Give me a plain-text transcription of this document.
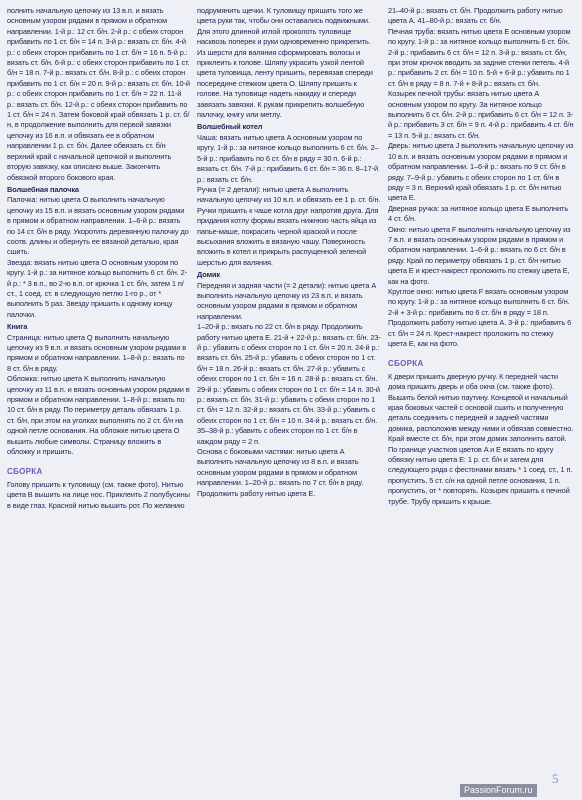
полнить начальную цепочку из 13 в.п. и вязать основным узором рядами в прямом и обратном направлении. 1-й р.: 12 ст. б/н. 2-й р.: с обеих сторон прибавить по 1 ст. б/н = 14 п. 3-й р.: вязать ст. б/н. 4-й р.: с обеих сторон прибавить по 1 ст. б/н = 16 п. 5-й р.: вязать ст. б/н. 6-й р.: с обеих сторон прибавить по 1 ст. б/н = 18 п. 7-й р.: вязать ст. б/н. 8-й р.: с обеих сторон прибавить по 1 ст. б/н = 20 п. 9-й р.: вязать ст. б/н. 10-й р.: с обеих сторон прибавить по 1 ст. б/н = 22 п. 11-й р.: вязать ст. б/н. 12-й р.: с обеих сторон прибавить по 1 ст. б/н = 24 п. Затем боковой край обвязать 1 р. ст. б/н, в продолжение выполнить для первой завязки цепочку из 16 в.п. и обвязать ее в обратном направлении 1 р. ст. б/н. Далее обвязать ст. б/н верхний край с начальной цепочкой и выполнить вторую завязку, как описано выше. Закончить обвязкой второго бокового края.

Волшебная палочка

Палочка: нитью цвета O выполнить начальную цепочку из 15 в.п. и вязать основным узором рядами в прямом и обратном направлении. 1–6-й р.: вязать по 14 ст. б/н в ряду. Укоротить деревянную палочку до соотв. длины и обернуть ее вязаной деталью, края сшить.

Звезда: вязать нитью цвета O основным узором по кругу. 1-й р.: за нитяное кольцо выполнить 6 ст. б/н. 2-й р.: * 3 в.п., во 2-ю в.п. от крючка 1 ст. б/н, затем 1 п/ст., 1 соед. ст. в следующую петлю 1-го р., от * выполнить 5 раз. Звезду пришить к одному концу палочки.

Книга

Страница: нитью цвета Q выполнить начальную цепочку из 9 в.п. и вязать основным узором рядами в прямом и обратном направлении. 1–8-й р.: вязать по 8 ст. б/н в ряду.

Обложка: нитью цвета K выполнить начальную цепочку из 11 в.п. и вязать основным узором рядами в прямом и обратном направлении. 1–8-й р.: вязать по 10 ст. б/н в ряду. По периметру деталь обвязать 1 р. ст. б/н, при этом на уголках выполнять по 2 ст. б/н на одной петле основания. На обложке нитью цвета O вышить любые символы. Страницу вложить в обложку и пришить.

СБОРКА

Голову пришить к туловищу (см. также фото). Нитью цвета B вышить на лице нос. Приклеить 2 полубусины в виде глаз. Красной нитью вышить рот. По желанию

подрумянить щечки. К туловищу пришить того же цвета руки так, чтобы они оставались подвижными. Для этого длинной иглой проколоть туловище насквозь поперек и руки одновременно прикрепить. Из шерсти для валяния сформировать волосы и приклеить к голове. Шляпу украсить узкой лентой цвета туловища, ленту пришить, перевязав спереди посередине стежком цвета O. Шляпу пришить к голове. На туловище надеть накидку и спереди завязать завязки. К рукам прикрепить волшебную палочку, книгу или метлу.

Волшебный котел

Чаша: вязать нитью цвета A основным узором по кругу. 1-й р.: за нитяное кольцо выполнить 6 ст. б/н. 2–5-й р.: прибавить по 6 ст. б/н в ряду = 30 п. 6-й р.: вязать ст. б/н. 7-й р.: прибавить 6 ст. б/н = 36 п. 8–17-й р.: вязать ст. б/н.

Ручка (= 2 детали): нитью цвета A выполнить начальную цепочку из 10 в.п. и обвязать ее 1 р. ст. б/н.

Ручки пришить к чаше котла друг напротив друга. Для придания котлу формы вязать нижнюю часть яйца из папье-маше, покрасить черной краской и после высыхания вложить в вязаную чашу. Поверхность вложить в котел и прикрыть распущенной зеленой шерстью для валяния.

Домик

Передняя и задняя части (= 2 детали): нитью цвета A выполнить начальную цепочку из 23 в.п. и вязать основным узором рядами в прямом и обратном направлении.

1–20-й р.: вязать по 22 ст. б/н в ряду. Продолжить работу нитью цвета E. 21-й + 22-й р.: вязать ст. б/н. 23-й р.: убавить с обеих сторон по 1 ст. б/н = 20 п. 24-й р.: вязать ст. б/н. 25-й р.: убавить с обеих сторон по 1 ст. б/н = 18 п. 26-й р.: вязать ст. б/н. 27-й р.: убавить с обеих сторон по 1 ст. б/н = 16 п. 28-й р.: вязать ст. б/н. 29-й р.: убавить с обеих сторон по 1 ст. б/н = 14 п. 30-й р.: вязать ст. б/н. 31-й р.: убавить с обеих сторон по 1 ст. б/н = 12 п. 32-й р.: вязать ст. б/н. 33-й р.: убавить с обеих сторон по 1 ст. б/н = 10 п. 34-й р.: вязать ст. б/н. 35–38-й р.: убавить с обеих сторон по 1 ст. б/н в каждом ряду = 2 п.

Основа с боковыми частями: нитью цвета A выполнить начальную цепочку из 8 в.п. и вязать основным узором рядами в прямом и обратном направлении. 1–20-й р.: вязать по 7 ст. б/н в ряду. Продолжить работу нитью цвета E.

21–40-й р.: вязать ст. б/н. Продолжить работу нитью цвета A. 41–80-й р.: вязать ст. б/н.

Печная труба: вязать нитью цвета E основным узором по кругу. 1-й р.: за нитяное кольцо выполнить 6 ст. б/н. 2-й р.: прибавить 6 ст. б/н = 12 п. 3-й р.: вязать ст. б/н, при этом крючок вводить за задние стенки петель. 4-й р.: прибавить 2 ст. б/н = 10 п. 5-й + 6-й р.: убавить по 1 ст. б/н в ряду = 8 п. 7-й + 8-й р.: вязать ст. б/н.

Козырек печной трубы: вязать нитью цвета A основным узором по кругу. За нитяное кольцо выполнить 6 ст. б/н. 2-й р.: прибавить 6 ст. б/н = 12 п. 3-й р.: прибавить 3 ст. б/н = 9 п. 4-й р.: прибавить 4 ст. б/н = 13 п. 5-й р.: вязать ст. б/н.

Дверь: нитью цвета J выполнить начальную цепочку из 10 в.п. и вязать основным узором рядами в прямом и обратном направлении. 1–6-й р.: вязать по 9 ст. б/н в ряду. 7–9-й р.: убавить с обеих сторон по 1 ст. б/н в ряду = 3 п. Верхний край обвязать 1 р. ст. б/н нитью цвета E.

Дверная ручка: за нитяное кольцо цвета E выполнить 4 ст. б/н.

Окно: нитью цвета F выполнить начальную цепочку из 7 в.п. и вязать основным узором рядами в прямом и обратном направлении. 1–6-й р.: вязать по 6 ст. б/н в ряду. Край по периметру обвязать 1 р. ст. б/н нитью цвета E и крест-накрест проложить по стежку цвета E, как на фото.

Круглое окно: нитью цвета F вязать основным узором по кругу. 1-й р.: за нитяное кольцо выполнить 6 ст. б/н. 2-й + 3-й р.: прибавить по 6 ст. б/н в ряду = 18 п. Продолжить работу нитью цвета A. 3-й р.: прибавить 6 ст. б/н = 24 п. Крест-накрест проложить по стежку цвета E, как на фото.

СБОРКА

К двери пришить дверную ручку. К передней части дома пришить дверь и оба окна (см. также фото). Вышить белой нитью паутину. Концевой и начальный края боковых частей с основой сшить и полученную деталь соединить с передней и задней частями домика, расположив между ними и обвязав совместно. Край вместе ст. б/н, при этом домик заполнить ватой. По границе участков цветов A и E вязать по кругу обвязку нитью цвета E: 1 р. ст. б/н и затем для следующего ряда с фестонами вязать * 1 соед. ст., 1 п. пропустить, 5 ст. с/н на одной петле основания, 1 п. пропустить, от * повторять. Козырек пришить к печной трубе. Трубу пришить к крыше.

5
PassionForum.ru
